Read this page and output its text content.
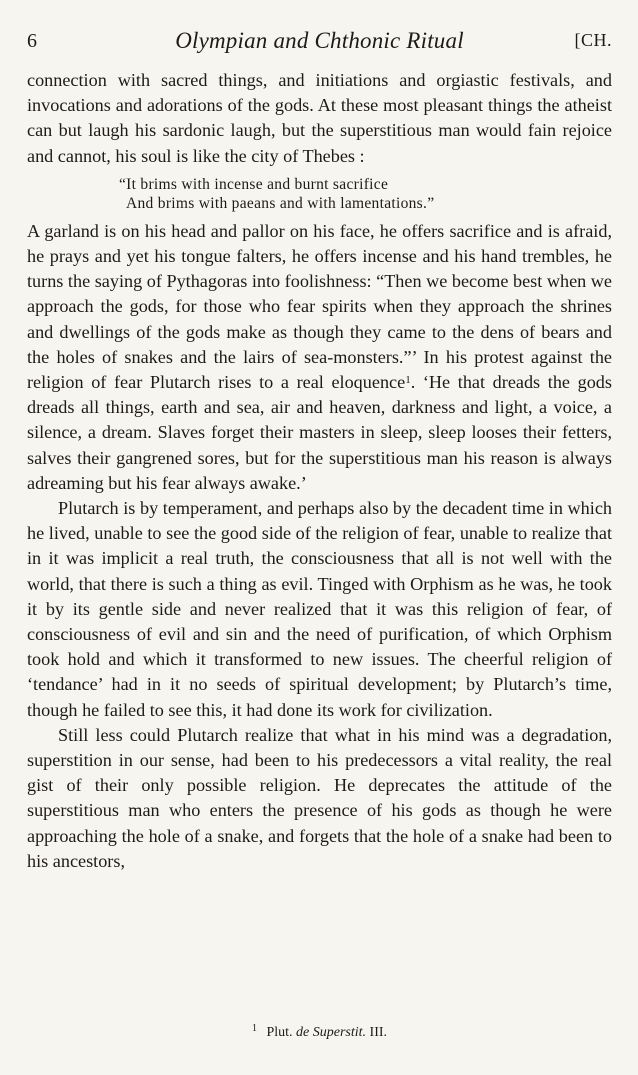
6	Olympian and Chthonic Ritual	[CH.

connection with sacred things, and initiations and orgiastic festivals, and invocations and adorations of the gods. At these most pleasant things the atheist can but laugh his sardonic laugh, but the superstitious man would fain rejoice and cannot, his soul is like the city of Thebes :

“It brims with incense and burnt sacrifice
And brims with paeans and with lamentations.”

A garland is on his head and pallor on his face, he offers sacrifice and is afraid, he prays and yet his tongue falters, he offers incense and his hand trembles, he turns the saying of Pythagoras into foolishness: “Then we become best when we approach the gods, for those who fear spirits when they approach the shrines and dwellings of the gods make as though they came to the dens of bears and the holes of snakes and the lairs of sea-monsters.”’ In his protest against the religion of fear Plutarch rises to a real eloquence$^1$. ‘He that dreads the gods dreads all things, earth and sea, air and heaven, darkness and light, a voice, a silence, a dream. Slaves forget their masters in sleep, sleep looses their fetters, salves their gangrened sores, but for the superstitious man his reason is always adreaming but his fear always awake.’

Plutarch is by temperament, and perhaps also by the decadent time in which he lived, unable to see the good side of the religion of fear, unable to realize that in it was implicit a real truth, the consciousness that all is not well with the world, that there is such a thing as evil. Tinged with Orphism as he was, he took it by its gentle side and never realized that it was this religion of fear, of consciousness of evil and sin and the need of purification, of which Orphism took hold and which it transformed to new issues. The cheerful religion of ‘tendance’ had in it no seeds of spiritual development; by Plutarch’s time, though he failed to see this, it had done its work for civilization.

Still less could Plutarch realize that what in his mind was a degradation, superstition in our sense, had been to his predecessors a vital reality, the real gist of their only possible religion. He deprecates the attitude of the superstitious man who enters the presence of his gods as though he were approaching the hole of a snake, and forgets that the hole of a snake had been to his ancestors,

$^1$ Plut. de Superstit. III.
